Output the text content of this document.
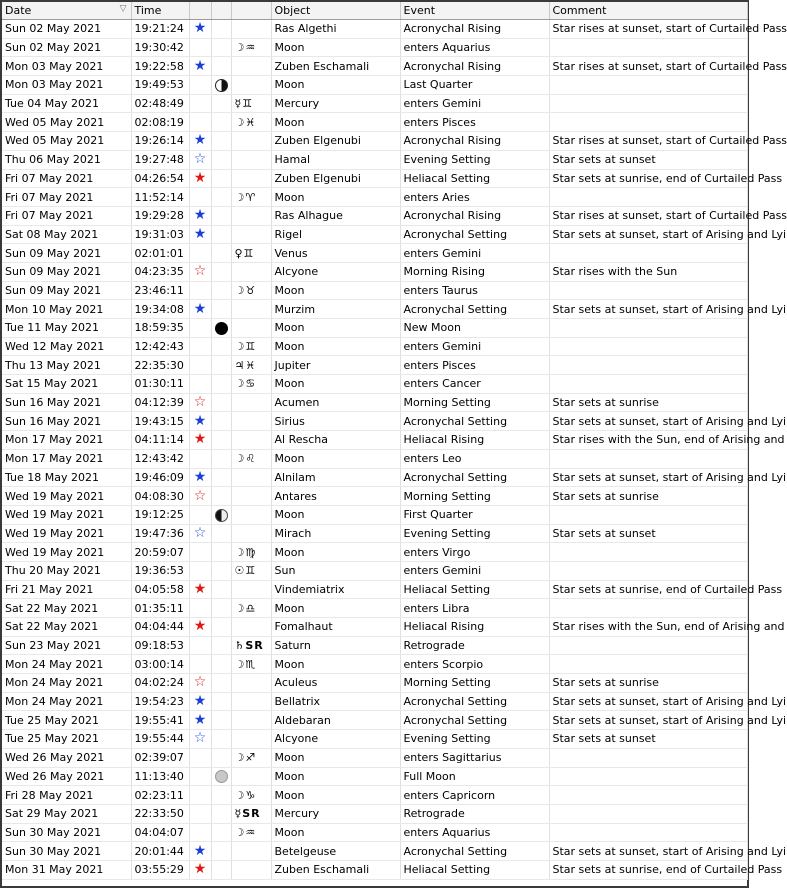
Date ▽	Time				Object	Event	Comment
Sun 02 May 2021	19:21:24	★			Ras Algethi	Acronychal Rising	Star rises at sunset, start of Curtailed Pass
Sun 02 May 2021	19:30:42			☽♒︎	Moon	enters Aquarius	
Mon 03 May 2021	19:22:58	★			Zuben Eschamali	Acronychal Rising	Star rises at sunset, start of Curtailed Pass
Mon 03 May 2021	19:49:53				Moon	Last Quarter	
Tue 04 May 2021	02:48:49			☿♊︎	Mercury	enters Gemini	
Wed 05 May 2021	02:08:19			☽♓︎	Moon	enters Pisces	
Wed 05 May 2021	19:26:14	★			Zuben Elgenubi	Acronychal Rising	Star rises at sunset, start of Curtailed Pass
Thu 06 May 2021	19:27:48	☆			Hamal	Evening Setting	Star sets at sunset
Fri 07 May 2021	04:26:54	★			Zuben Elgenubi	Heliacal Setting	Star sets at sunrise, end of Curtailed Pass
Fri 07 May 2021	11:52:14			☽♈︎	Moon	enters Aries	
Fri 07 May 2021	19:29:28	★			Ras Alhague	Acronychal Rising	Star rises at sunset, start of Curtailed Pass
Sat 08 May 2021	19:31:03	★			Rigel	Acronychal Setting	Star sets at sunset, start of Arising and Lyi
Sun 09 May 2021	02:01:01			♀♊︎	Venus	enters Gemini	
Sun 09 May 2021	04:23:35	☆			Alcyone	Morning Rising	Star rises with the Sun
Sun 09 May 2021	23:46:11			☽♉︎	Moon	enters Taurus	
Mon 10 May 2021	19:34:08	★			Murzim	Acronychal Setting	Star sets at sunset, start of Arising and Lyi
Tue 11 May 2021	18:59:35				Moon	New Moon	
Wed 12 May 2021	12:42:43			☽♊︎	Moon	enters Gemini	
Thu 13 May 2021	22:35:30			♃♓︎	Jupiter	enters Pisces	
Sat 15 May 2021	01:30:11			☽♋︎	Moon	enters Cancer	
Sun 16 May 2021	04:12:39	☆			Acumen	Morning Setting	Star sets at sunrise
Sun 16 May 2021	19:43:15	★			Sirius	Acronychal Setting	Star sets at sunset, start of Arising and Lyi
Mon 17 May 2021	04:11:14	★			Al Rescha	Heliacal Rising	Star rises with the Sun, end of Arising and
Mon 17 May 2021	12:43:42			☽♌︎	Moon	enters Leo	
Tue 18 May 2021	19:46:09	★			Alnilam	Acronychal Setting	Star sets at sunset, start of Arising and Lyi
Wed 19 May 2021	04:08:30	☆			Antares	Morning Setting	Star sets at sunrise
Wed 19 May 2021	19:12:25				Moon	First Quarter	
Wed 19 May 2021	19:47:36	☆			Mirach	Evening Setting	Star sets at sunset
Wed 19 May 2021	20:59:07			☽♍︎	Moon	enters Virgo	
Thu 20 May 2021	19:36:53			☉♊︎	Sun	enters Gemini	
Fri 21 May 2021	04:05:58	★			Vindemiatrix	Heliacal Setting	Star sets at sunrise, end of Curtailed Pass
Sat 22 May 2021	01:35:11			☽♎︎	Moon	enters Libra	
Sat 22 May 2021	04:04:44	★			Fomalhaut	Heliacal Rising	Star rises with the Sun, end of Arising and
Sun 23 May 2021	09:18:53			♄SR	Saturn	Retrograde	
Mon 24 May 2021	03:00:14			☽♏︎	Moon	enters Scorpio	
Mon 24 May 2021	04:02:24	☆			Aculeus	Morning Setting	Star sets at sunrise
Mon 24 May 2021	19:54:23	★			Bellatrix	Acronychal Setting	Star sets at sunset, start of Arising and Lyi
Tue 25 May 2021	19:55:41	★			Aldebaran	Acronychal Setting	Star sets at sunset, start of Arising and Lyi
Tue 25 May 2021	19:55:44	☆			Alcyone	Evening Setting	Star sets at sunset
Wed 26 May 2021	02:39:07			☽♐︎	Moon	enters Sagittarius	
Wed 26 May 2021	11:13:40				Moon	Full Moon	
Fri 28 May 2021	02:23:11			☽♑︎	Moon	enters Capricorn	
Sat 29 May 2021	22:33:50			☿SR	Mercury	Retrograde	
Sun 30 May 2021	04:04:07			☽♒︎	Moon	enters Aquarius	
Sun 30 May 2021	20:01:44	★			Betelgeuse	Acronychal Setting	Star sets at sunset, start of Arising and Lyi
Mon 31 May 2021	03:55:29	★			Zuben Eschamali	Heliacal Setting	Star sets at sunrise, end of Curtailed Pass
